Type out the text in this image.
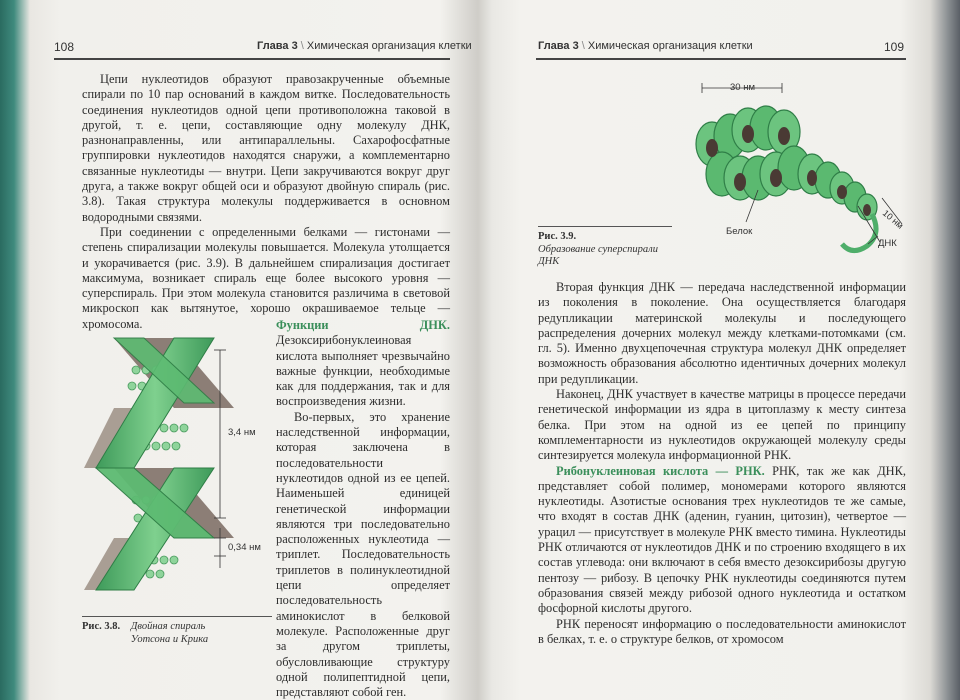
108	Глава 3 \ Химическая организация клетки

Цепи нуклеотидов образуют правозакрученные объемные спирали по 10 пар оснований в каждом витке. Последовательность соединения нуклеотидов одной цепи противоположна таковой в другой, т. е. цепи, составляющие одну молекулу ДНК, разнонаправленны, или антипараллельны. Сахарофосфатные группировки нуклеотидов находятся снаружи, а комплементарно связанные нуклеотиды — внутри. Цепи закручиваются вокруг друг друга, а также вокруг общей оси и образуют двойную спираль (рис. 3.8). Такая структура молекулы поддерживается в основном водородными связями.

При соединении с определенными белками — гистонами — степень спирализации молекулы повышается. Молекула утолщается и укорачивается (рис. 3.9). В дальнейшем спирализация достигает максимума, возникает спираль еще более высокого уровня — суперспираль. При этом молекула становится различима в световой микроскоп как вытянутое, хорошо окрашиваемое тельце — хромосома.	Функции ДНК. Дезоксирибонуклеиновая кислота выполняет чрезвычайно важные функции, необходимые как для поддержания, так и для воспроизведения жизни.

Во-первых, это хранение наследственной информации, которая заключена в последовательности нуклеотидов одной из ее цепей. Наименьшей единицей генетической информации являются три последовательно расположенных нуклеотида — триплет. Последовательность триплетов в полинуклеотидной цепи определяет последовательность аминокислот в белковой молекуле. Расположенные друг за другом триплеты, обусловливающие структуру одной полипептидной цепи, представляют собой ген.

3,4 нм
0,34 нм
Рис. 3.8. Двойная спираль Уотсона и Крика
Глава 3 \ Химическая организация клетки	109
30 нм
Белок
ДНК
10 нм
Рис. 3.9.
Образование суперспирали ДНК

Вторая функция ДНК — передача наследственной информации из поколения в поколение. Она осуществляется благодаря редупликации материнской молекулы и последующего распределения дочерних молекул между клетками-потомками (см. гл. 5). Именно двухцепочечная структура молекул ДНК определяет возможность образования абсолютно идентичных дочерних молекул при редупликации.

Наконец, ДНК участвует в качестве матрицы в процессе передачи генетической информации из ядра в цитоплазму к месту синтеза белка. При этом на одной из ее цепей по принципу комплементарности из нуклеотидов окружающей молекулу среды синтезируется молекула информационной РНК.

Рибонуклеиновая кислота — РНК. РНК, так же как ДНК, представляет собой полимер, мономерами которого являются нуклеотиды. Азотистые основания трех нуклеотидов те же самые, что входят в состав ДНК (аденин, гуанин, цитозин), четвертое — урацил — присутствует в молекуле РНК вместо тимина. Нуклеотиды РНК отличаются от нуклеотидов ДНК и по строению входящего в их состав углевода: они включают в себя вместо дезоксирибозы другую пентозу — рибозу. В цепочку РНК нуклеотиды соединяются путем образования связей между рибозой одного нуклеотида и остатком фосфорной кислоты другого.

РНК переносят информацию о последовательности аминокислот в белках, т. е. о структуре белков, от хромосом
